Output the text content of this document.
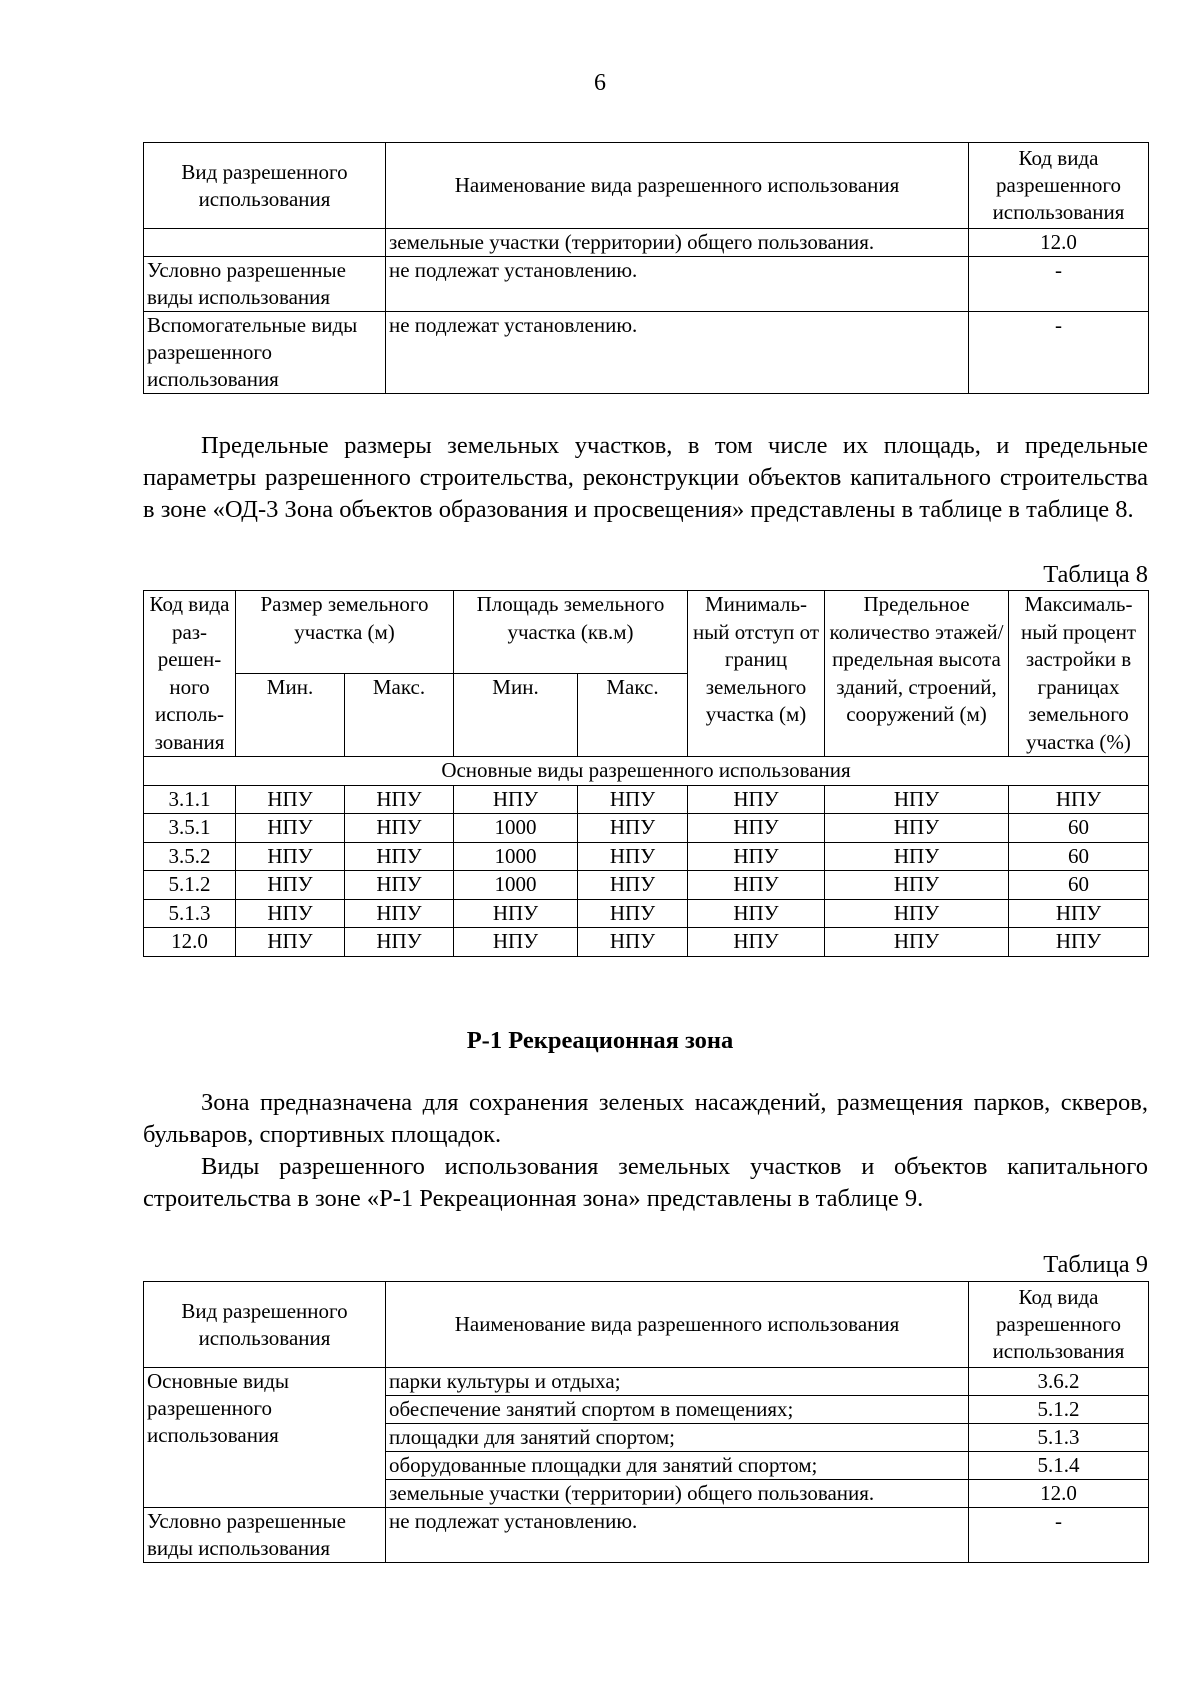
6
Вид разрешенного использования	Наименование вида разрешенного использования	Код вида разрешенного использования
	земельные участки (территории) общего пользования.	12.0
Условно разрешенные виды использования	не подлежат установлению.	-
Вспомогательные виды разрешенного использования	не подлежат установлению.	-

Предельные размеры земельных участков, в том числе их площадь, и предельные параметры разрешенного строительства, реконструкции объектов капитального строительства в зоне «ОД-3 Зона объектов образования и просвещения» представлены в таблице в таблице 8.

Таблица 8
Код вида раз-решен-ного исполь-зования	Размер земельного участка (м)		Площадь земельного участка (кв.м)		Минималь-ный отступ от границ земельного участка (м)	Предельное количество этажей/ предельная высота зданий, строений, сооружений (м)	Максималь-ный процент застройки в границах земельного участка (%)
	Мин.	Макс.	Мин.	Макс.			
Основные виды разрешенного использования							
3.1.1	НПУ	НПУ	НПУ	НПУ	НПУ	НПУ	НПУ
3.5.1	НПУ	НПУ	1000	НПУ	НПУ	НПУ	60
3.5.2	НПУ	НПУ	1000	НПУ	НПУ	НПУ	60
5.1.2	НПУ	НПУ	1000	НПУ	НПУ	НПУ	60
5.1.3	НПУ	НПУ	НПУ	НПУ	НПУ	НПУ	НПУ
12.0	НПУ	НПУ	НПУ	НПУ	НПУ	НПУ	НПУ
Р-1 Рекреационная зона

Зона предназначена для сохранения зеленых насаждений, размещения парков, скверов, бульваров, спортивных площадок.

Виды разрешенного использования земельных участков и объектов капитального строительства в зоне «Р-1 Рекреационная зона» представлены в таблице 9.

Таблица 9
Вид разрешенного использования	Наименование вида разрешенного использования	Код вида разрешенного использования
Основные виды разрешенного использования	парки культуры и отдыха;	3.6.2
	обеспечение занятий спортом в помещениях;	5.1.2
	площадки для занятий спортом;	5.1.3
	оборудованные площадки для занятий спортом;	5.1.4
	земельные участки (территории) общего пользования.	12.0
Условно разрешенные виды использования	не подлежат установлению.	-
